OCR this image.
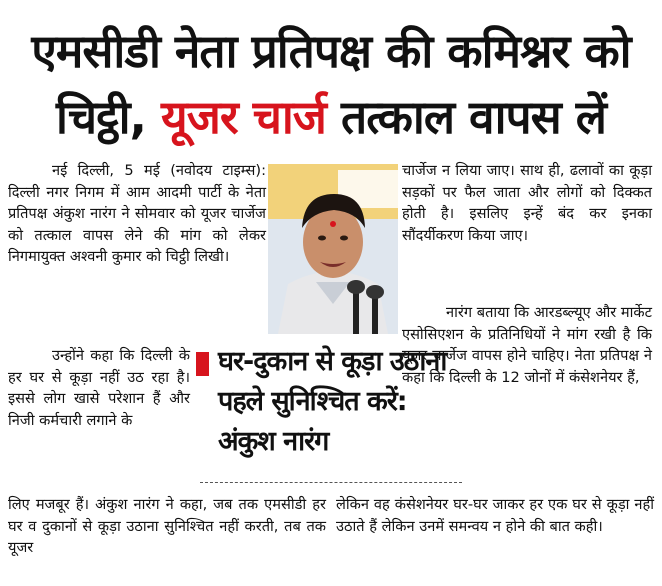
एमसीडी नेता प्रतिपक्ष की कमिश्नर को
चिट्ठी, यूजर चार्ज तत्काल वापस लें

नई दिल्ली, 5 मई (नवोदय टाइम्स): दिल्ली नगर निगम में आम आदमी पार्टी के नेता प्रतिपक्ष अंकुश नारंग ने सोमवार को यूजर चार्जेज को तत्काल वापस लेने की मांग को लेकर निगमायुक्त अश्वनी कुमार को चिट्ठी लिखी।

चार्जेज न लिया जाए। साथ ही, ढलावों का कूड़ा सड़कों पर फैल जाता और लोगों को दिक्कत होती है। इसलिए इन्हें बंद कर इनका सौंदर्यीकरण किया जाए।

नारंग बताया कि आरडब्ल्यूए और मार्केट एसोसिएशन के प्रतिनिधियों ने मांग रखी है कि यूजर चार्जेज वापस होने चाहिए। नेता प्रतिपक्ष ने कहा कि दिल्ली के 12 जोनों में कंसेशनेयर हैं,

उन्होंने कहा कि दिल्ली के हर घर से कूड़ा नहीं उठ रहा है। इससे लोग खासे परेशान हैं और निजी कर्मचारी लगाने के

घर-दुकान से कूड़ा उठाना पहले सुनिश्चित करें: अंकुश नारंग

लिए मजबूर हैं। अंकुश नारंग ने कहा, जब तक एमसीडी हर घर व दुकानों से कूड़ा उठाना सुनिश्चित नहीं करती, तब तक यूजर

लेकिन वह कंसेशनेयर घर-घर जाकर हर एक घर से कूड़ा नहीं उठाते हैं लेकिन उनमें समन्वय न होने की बात कही।
